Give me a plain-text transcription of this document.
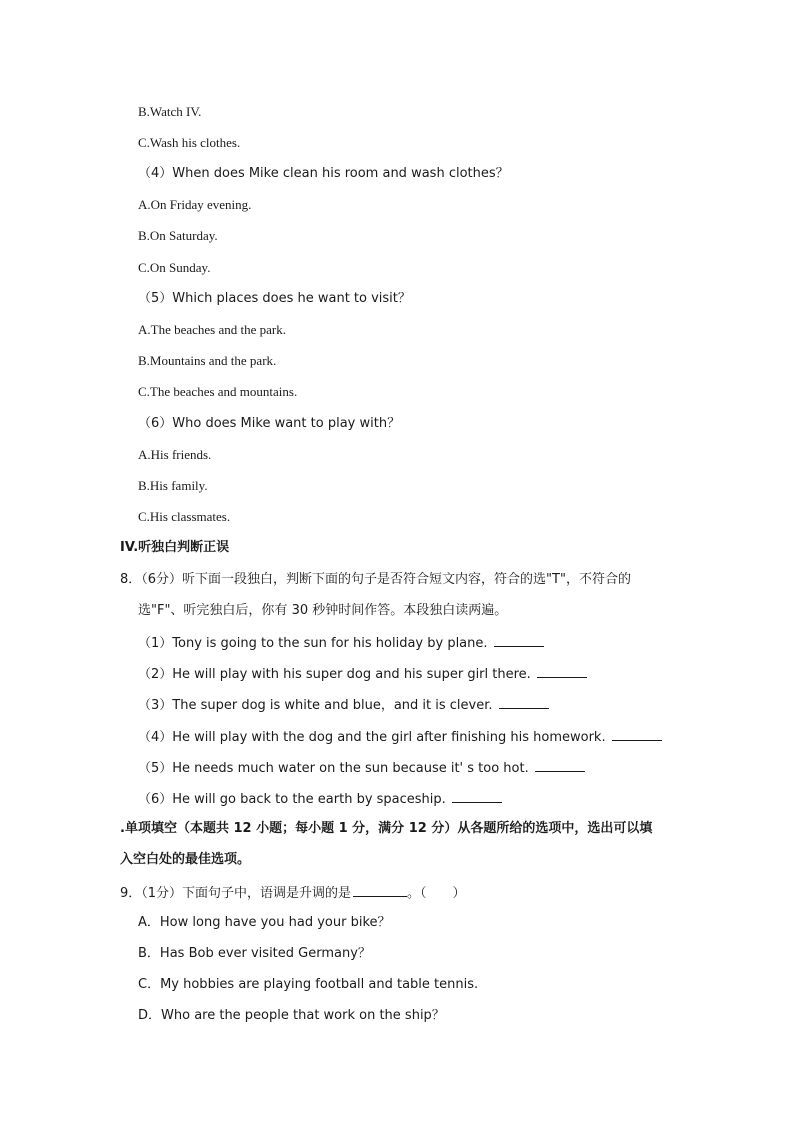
B.Watch IV.
C.Wash his clothes.
（4）When does Mike clean his room and wash clothes？
A.On Friday evening.
B.On Saturday.
C.On Sunday.
（5）Which places does he want to visit？
A.The beaches and the park.
B.Mountains and the park.
C.The beaches and mountains.
（6）Who does Mike want to play with？
A.His friends.
B.His family.
C.His classmates.
IV.听独白判断正误
8．（6分）听下面一段独白，判断下面的句子是否符合短文内容，符合的选"T"，不符合的
选"F"、听完独白后，你有 30 秒钟时间作答。本段独白读两遍。
（1）Tony is going to the sun for his holiday by plane.
（2）He will play with his super dog and his super girl there.
（3）The super dog is white and blue，and it is clever.
（4）He will play with the dog and the girl after finishing his homework.
（5）He needs much water on the sun because it' s too hot.
（6）He will go back to the earth by spaceship.
.单项填空（本题共 12 小题；每小题 1 分，满分 12 分）从各题所给的选项中，选出可以填
入空白处的最佳选项。
9．（1分）下面句子中，语调是升调的是	。（　　）
A．How long have you had your bike？
B．Has Bob ever visited Germany？
C．My hobbies are playing football and table tennis.
D．Who are the people that work on the ship？
